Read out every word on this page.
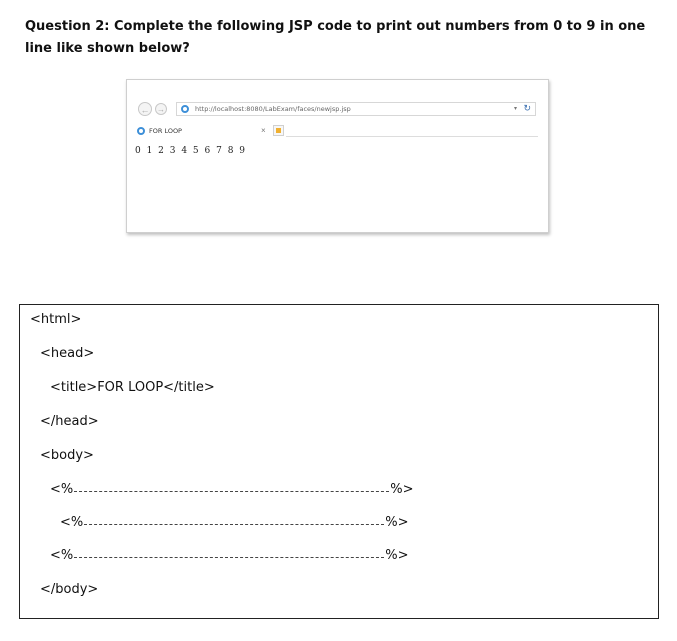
Question 2: Complete the following JSP code to print out numbers from 0 to 9 in one line like shown below?
← →	http://localhost:8080/LabExam/faces/newjsp.jsp	▾ ↻
FOR LOOP	×
0 1 2 3 4 5 6 7 8 9
<html>
<head>
<title>FOR LOOP</title>
</head>
<body>
<%	%>
<%	%>
<%	%>
</body>
